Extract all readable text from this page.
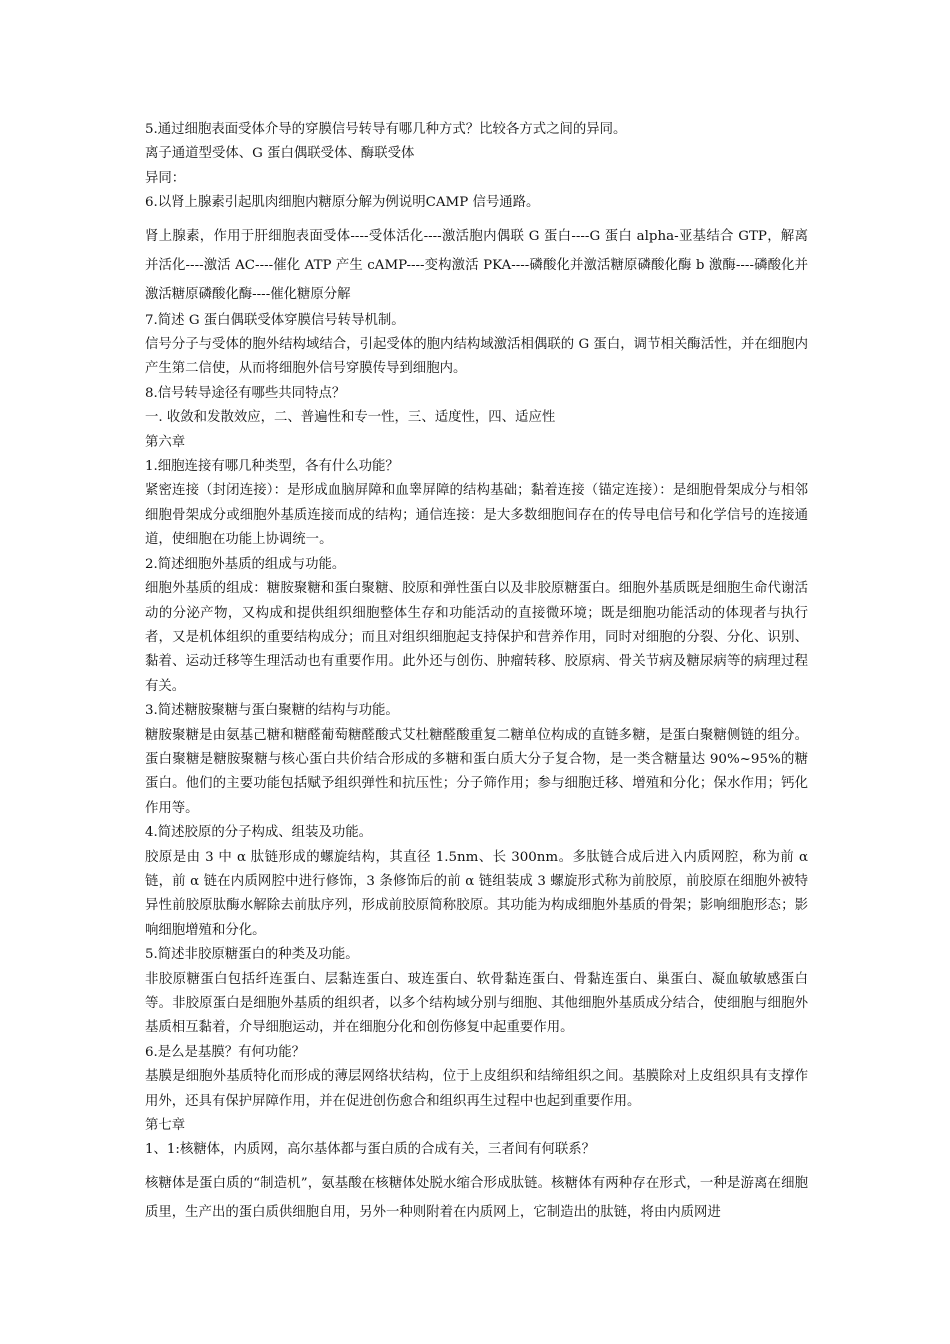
5.通过细胞表面受体介导的穿膜信号转导有哪几种方式？比较各方式之间的异同。

离子通道型受体、G 蛋白偶联受体、酶联受体

异同：

6.以肾上腺素引起肌肉细胞内糖原分解为例说明CAMP 信号通路。

肾上腺素，作用于肝细胞表面受体----受体活化----激活胞内偶联 G 蛋白----G 蛋白 alpha-亚基结合 GTP，解离并活化----激活 AC----催化 ATP 产生 cAMP----变构激活 PKA----磷酸化并激活糖原磷酸化酶 b 激酶----磷酸化并激活糖原磷酸化酶----催化糖原分解

7.简述 G 蛋白偶联受体穿膜信号转导机制。

信号分子与受体的胞外结构域结合，引起受体的胞内结构域激活相偶联的 G 蛋白，调节相关酶活性，并在细胞内产生第二信使，从而将细胞外信号穿膜传导到细胞内。

8.信号转导途径有哪些共同特点？

一. 收敛和发散效应，二、普遍性和专一性，三、适度性，四、适应性

第六章

1.细胞连接有哪几种类型，各有什么功能？

紧密连接（封闭连接）：是形成血脑屏障和血睾屏障的结构基础；黏着连接（锚定连接）：是细胞骨架成分与相邻细胞骨架成分或细胞外基质连接而成的结构；通信连接：是大多数细胞间存在的传导电信号和化学信号的连接通道，使细胞在功能上协调统一。

2.简述细胞外基质的组成与功能。

细胞外基质的组成：糖胺聚糖和蛋白聚糖、胶原和弹性蛋白以及非胶原糖蛋白。细胞外基质既是细胞生命代谢活动的分泌产物，又构成和提供组织细胞整体生存和功能活动的直接微环境；既是细胞功能活动的体现者与执行者，又是机体组织的重要结构成分；而且对组织细胞起支持保护和营养作用，同时对细胞的分裂、分化、识别、黏着、运动迁移等生理活动也有重要作用。此外还与创伤、肿瘤转移、胶原病、骨关节病及糖尿病等的病理过程有关。

3.简述糖胺聚糖与蛋白聚糖的结构与功能。

糖胺聚糖是由氨基己糖和糖醛葡萄糖醛酸式艾杜糖醛酸重复二糖单位构成的直链多糖，是蛋白聚糖侧链的组分。蛋白聚糖是糖胺聚糖与核心蛋白共价结合形成的多糖和蛋白质大分子复合物，是一类含糖量达 90%~95%的糖蛋白。他们的主要功能包括赋予组织弹性和抗压性；分子筛作用；参与细胞迁移、增殖和分化；保水作用；钙化作用等。

4.简述胶原的分子构成、组装及功能。

胶原是由 3 中 α 肽链形成的螺旋结构，其直径 1.5nm、长 300nm。多肽链合成后进入内质网腔，称为前 α 链，前 α 链在内质网腔中进行修饰，3 条修饰后的前 α 链组装成 3 螺旋形式称为前胶原，前胶原在细胞外被特异性前胶原肽酶水解除去前肽序列，形成前胶原简称胶原。其功能为构成细胞外基质的骨架；影响细胞形态；影响细胞增殖和分化。

5.简述非胶原糖蛋白的种类及功能。

非胶原糖蛋白包括纤连蛋白、层黏连蛋白、玻连蛋白、软骨黏连蛋白、骨黏连蛋白、巢蛋白、凝血敏敏感蛋白等。非胶原蛋白是细胞外基质的组织者，以多个结构域分别与细胞、其他细胞外基质成分结合，使细胞与细胞外基质相互黏着，介导细胞运动，并在细胞分化和创伤修复中起重要作用。

6.是么是基膜？有何功能？

基膜是细胞外基质特化而形成的薄层网络状结构，位于上皮组织和结缔组织之间。基膜除对上皮组织具有支撑作用外，还具有保护屏障作用，并在促进创伤愈合和组织再生过程中也起到重要作用。

第七章

1、1:核糖体，内质网，高尔基体都与蛋白质的合成有关，三者间有何联系？

核糖体是蛋白质的“制造机”，氨基酸在核糖体处脱水缩合形成肽链。核糖体有两种存在形式，一种是游离在细胞质里，生产出的蛋白质供细胞自用，另外一种则附着在内质网上，它制造出的肽链，将由内质网进
